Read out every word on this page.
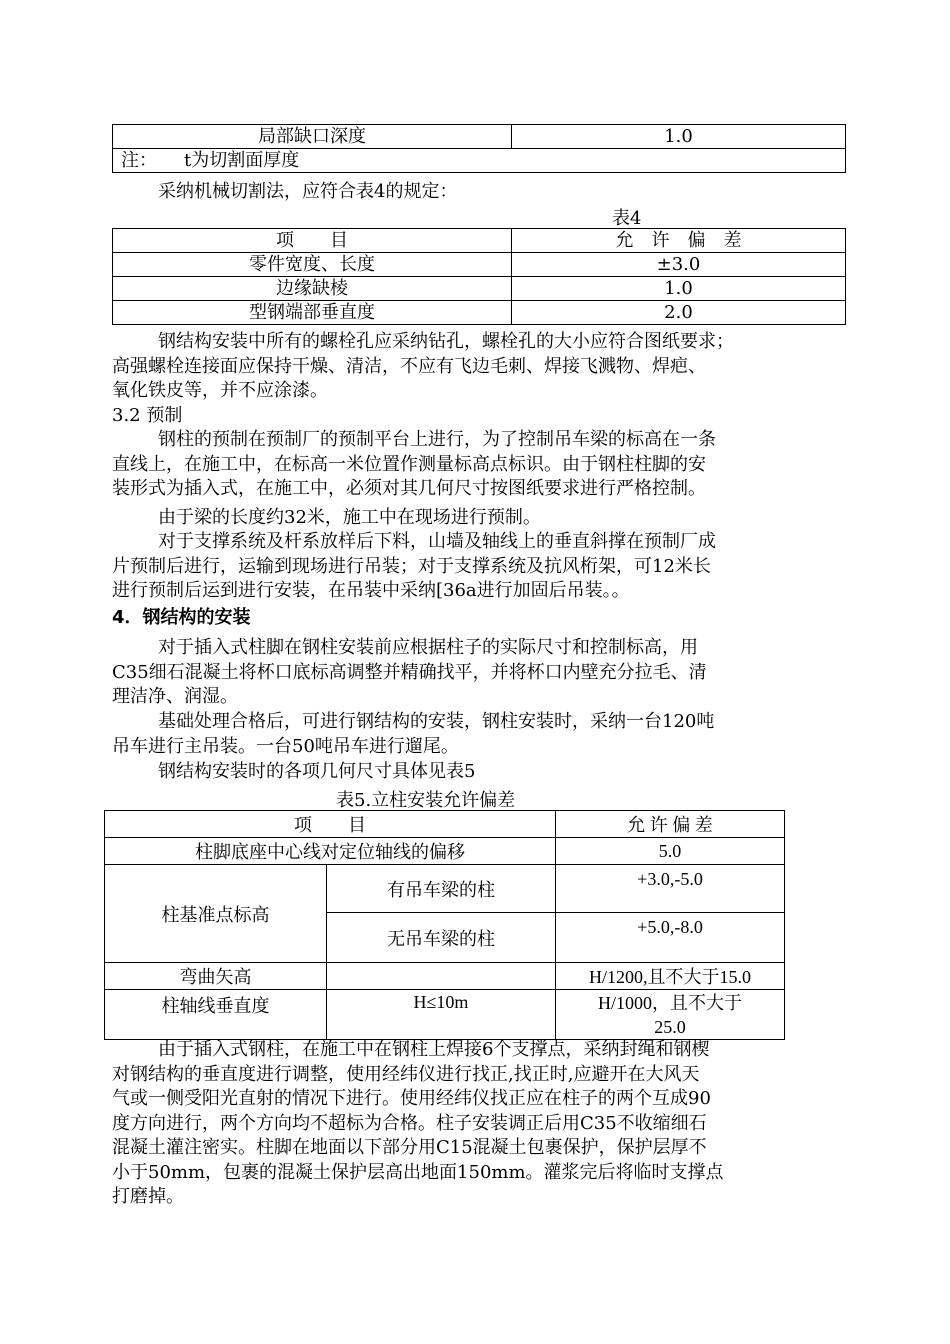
局部缺口深度	1.0
注：　　t为切割面厚度

采纳机械切割法，应符合表4的规定：

表4
项　　目	允　许　偏　差
零件宽度、长度	±3.0
边缘缺棱	1.0
型钢端部垂直度	2.0

钢结构安装中所有的螺栓孔应采纳钻孔，螺栓孔的大小应符合图纸要求；
高强螺栓连接面应保持干燥、清洁，不应有飞边毛刺、焊接飞溅物、焊疤、
氧化铁皮等，并不应涂漆。

3.2 预制

钢柱的预制在预制厂的预制平台上进行，为了控制吊车梁的标高在一条
直线上，在施工中，在标高一米位置作测量标高点标识。由于钢柱柱脚的安
装形式为插入式，在施工中，必须对其几何尺寸按图纸要求进行严格控制。

由于梁的长度约32米，施工中在现场进行预制。

对于支撑系统及杆系放样后下料，山墙及轴线上的垂直斜撑在预制厂成
片预制后进行，运输到现场进行吊装；对于支撑系统及抗风桁架，可12米长
进行预制后运到进行安装，在吊装中采纳[36a进行加固后吊装。。

4．钢结构的安装

对于插入式柱脚在钢柱安装前应根据柱子的实际尺寸和控制标高，用
C35细石混凝土将杯口底标高调整并精确找平，并将杯口内壁充分拉毛、清
理洁净、润湿。

基础处理合格后，可进行钢结构的安装，钢柱安装时，采纳一台120吨
吊车进行主吊装。一台50吨吊车进行遛尾。

钢结构安装时的各项几何尺寸具体见表5

表5.立柱安装允许偏差
项　　目		允 许 偏 差
柱脚底座中心线对定位轴线的偏移		5.0
柱基准点标高	有吊车梁的柱	+3.0,-5.0
	无吊车梁的柱	+5.0,-8.0
弯曲矢高		H/1200,且不大于15.0
柱轴线垂直度	H≤10m	H/1000，且不大于
25.0

由于插入式钢柱，在施工中在钢柱上焊接6个支撑点，采纳封绳和钢楔
对钢结构的垂直度进行调整，使用经纬仪进行找正,找正时,应避开在大风天
气或一侧受阳光直射的情况下进行。使用经纬仪找正应在柱子的两个互成90
度方向进行，两个方向均不超标为合格。柱子安装调正后用C35不收缩细石
混凝土灌注密实。柱脚在地面以下部分用C15混凝土包裹保护，保护层厚不
小于50mm，包裹的混凝土保护层高出地面150mm。灌浆完后将临时支撑点
打磨掉。
